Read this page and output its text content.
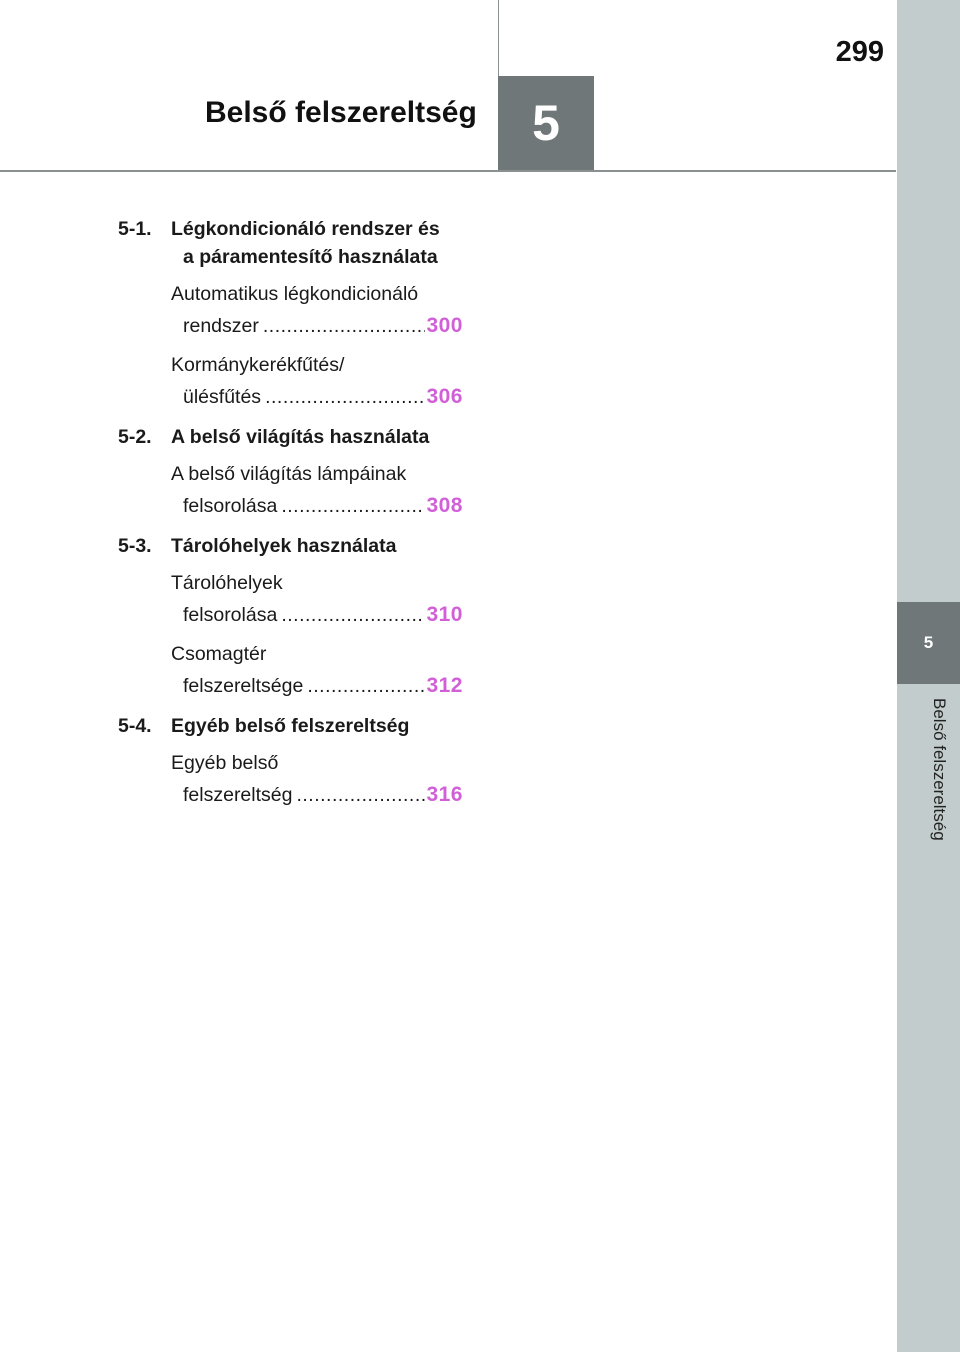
299
5
Belső felszereltség
5
Belső felszereltség
5-1. Légkondicionáló rendszer és
a páramentesítő használata
Automatikus légkondicionáló
rendszer .....	300
Kormánykerékfűtés/
ülésfűtés .....	306
5-2. A belső világítás használata
A belső világítás lámpáinak
felsorolása .....	308
5-3. Tárolóhelyek használata
Tárolóhelyek
felsorolása .....	310
Csomagtér
felszereltsége .....	312
5-4. Egyéb belső felszereltség
Egyéb belső
felszereltség .....	316
